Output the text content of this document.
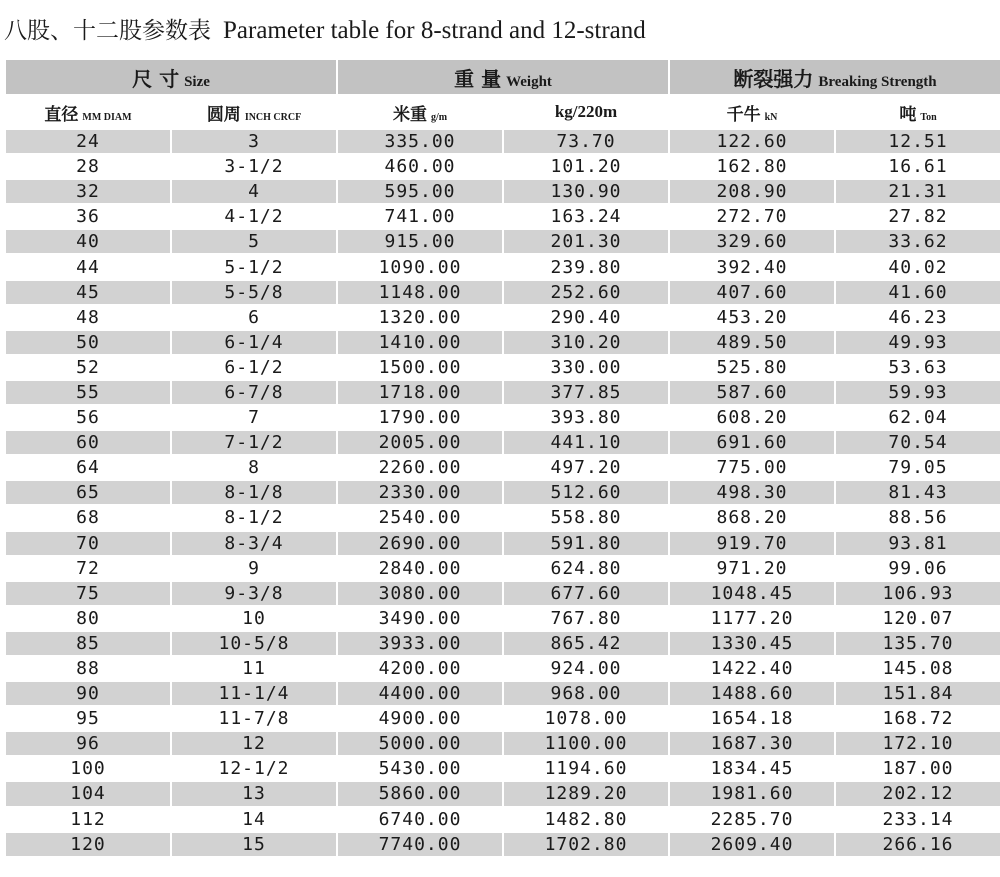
八股、十二股参数表 Parameter table for 8-strand and 12-strand
尺 寸 Size		重 量 Weight		断裂强力 Breaking Strength	
直径 MM DIAM	圆周 INCH CRCF	米重 g/m	kg/220m	千牛 kN	吨 Ton
24	3	335.00	73.70	122.60	12.51
28	3-1/2	460.00	101.20	162.80	16.61
32	4	595.00	130.90	208.90	21.31
36	4-1/2	741.00	163.24	272.70	27.82
40	5	915.00	201.30	329.60	33.62
44	5-1/2	1090.00	239.80	392.40	40.02
45	5-5/8	1148.00	252.60	407.60	41.60
48	6	1320.00	290.40	453.20	46.23
50	6-1/4	1410.00	310.20	489.50	49.93
52	6-1/2	1500.00	330.00	525.80	53.63
55	6-7/8	1718.00	377.85	587.60	59.93
56	7	1790.00	393.80	608.20	62.04
60	7-1/2	2005.00	441.10	691.60	70.54
64	8	2260.00	497.20	775.00	79.05
65	8-1/8	2330.00	512.60	498.30	81.43
68	8-1/2	2540.00	558.80	868.20	88.56
70	8-3/4	2690.00	591.80	919.70	93.81
72	9	2840.00	624.80	971.20	99.06
75	9-3/8	3080.00	677.60	1048.45	106.93
80	10	3490.00	767.80	1177.20	120.07
85	10-5/8	3933.00	865.42	1330.45	135.70
88	11	4200.00	924.00	1422.40	145.08
90	11-1/4	4400.00	968.00	1488.60	151.84
95	11-7/8	4900.00	1078.00	1654.18	168.72
96	12	5000.00	1100.00	1687.30	172.10
100	12-1/2	5430.00	1194.60	1834.45	187.00
104	13	5860.00	1289.20	1981.60	202.12
112	14	6740.00	1482.80	2285.70	233.14
120	15	7740.00	1702.80	2609.40	266.16
